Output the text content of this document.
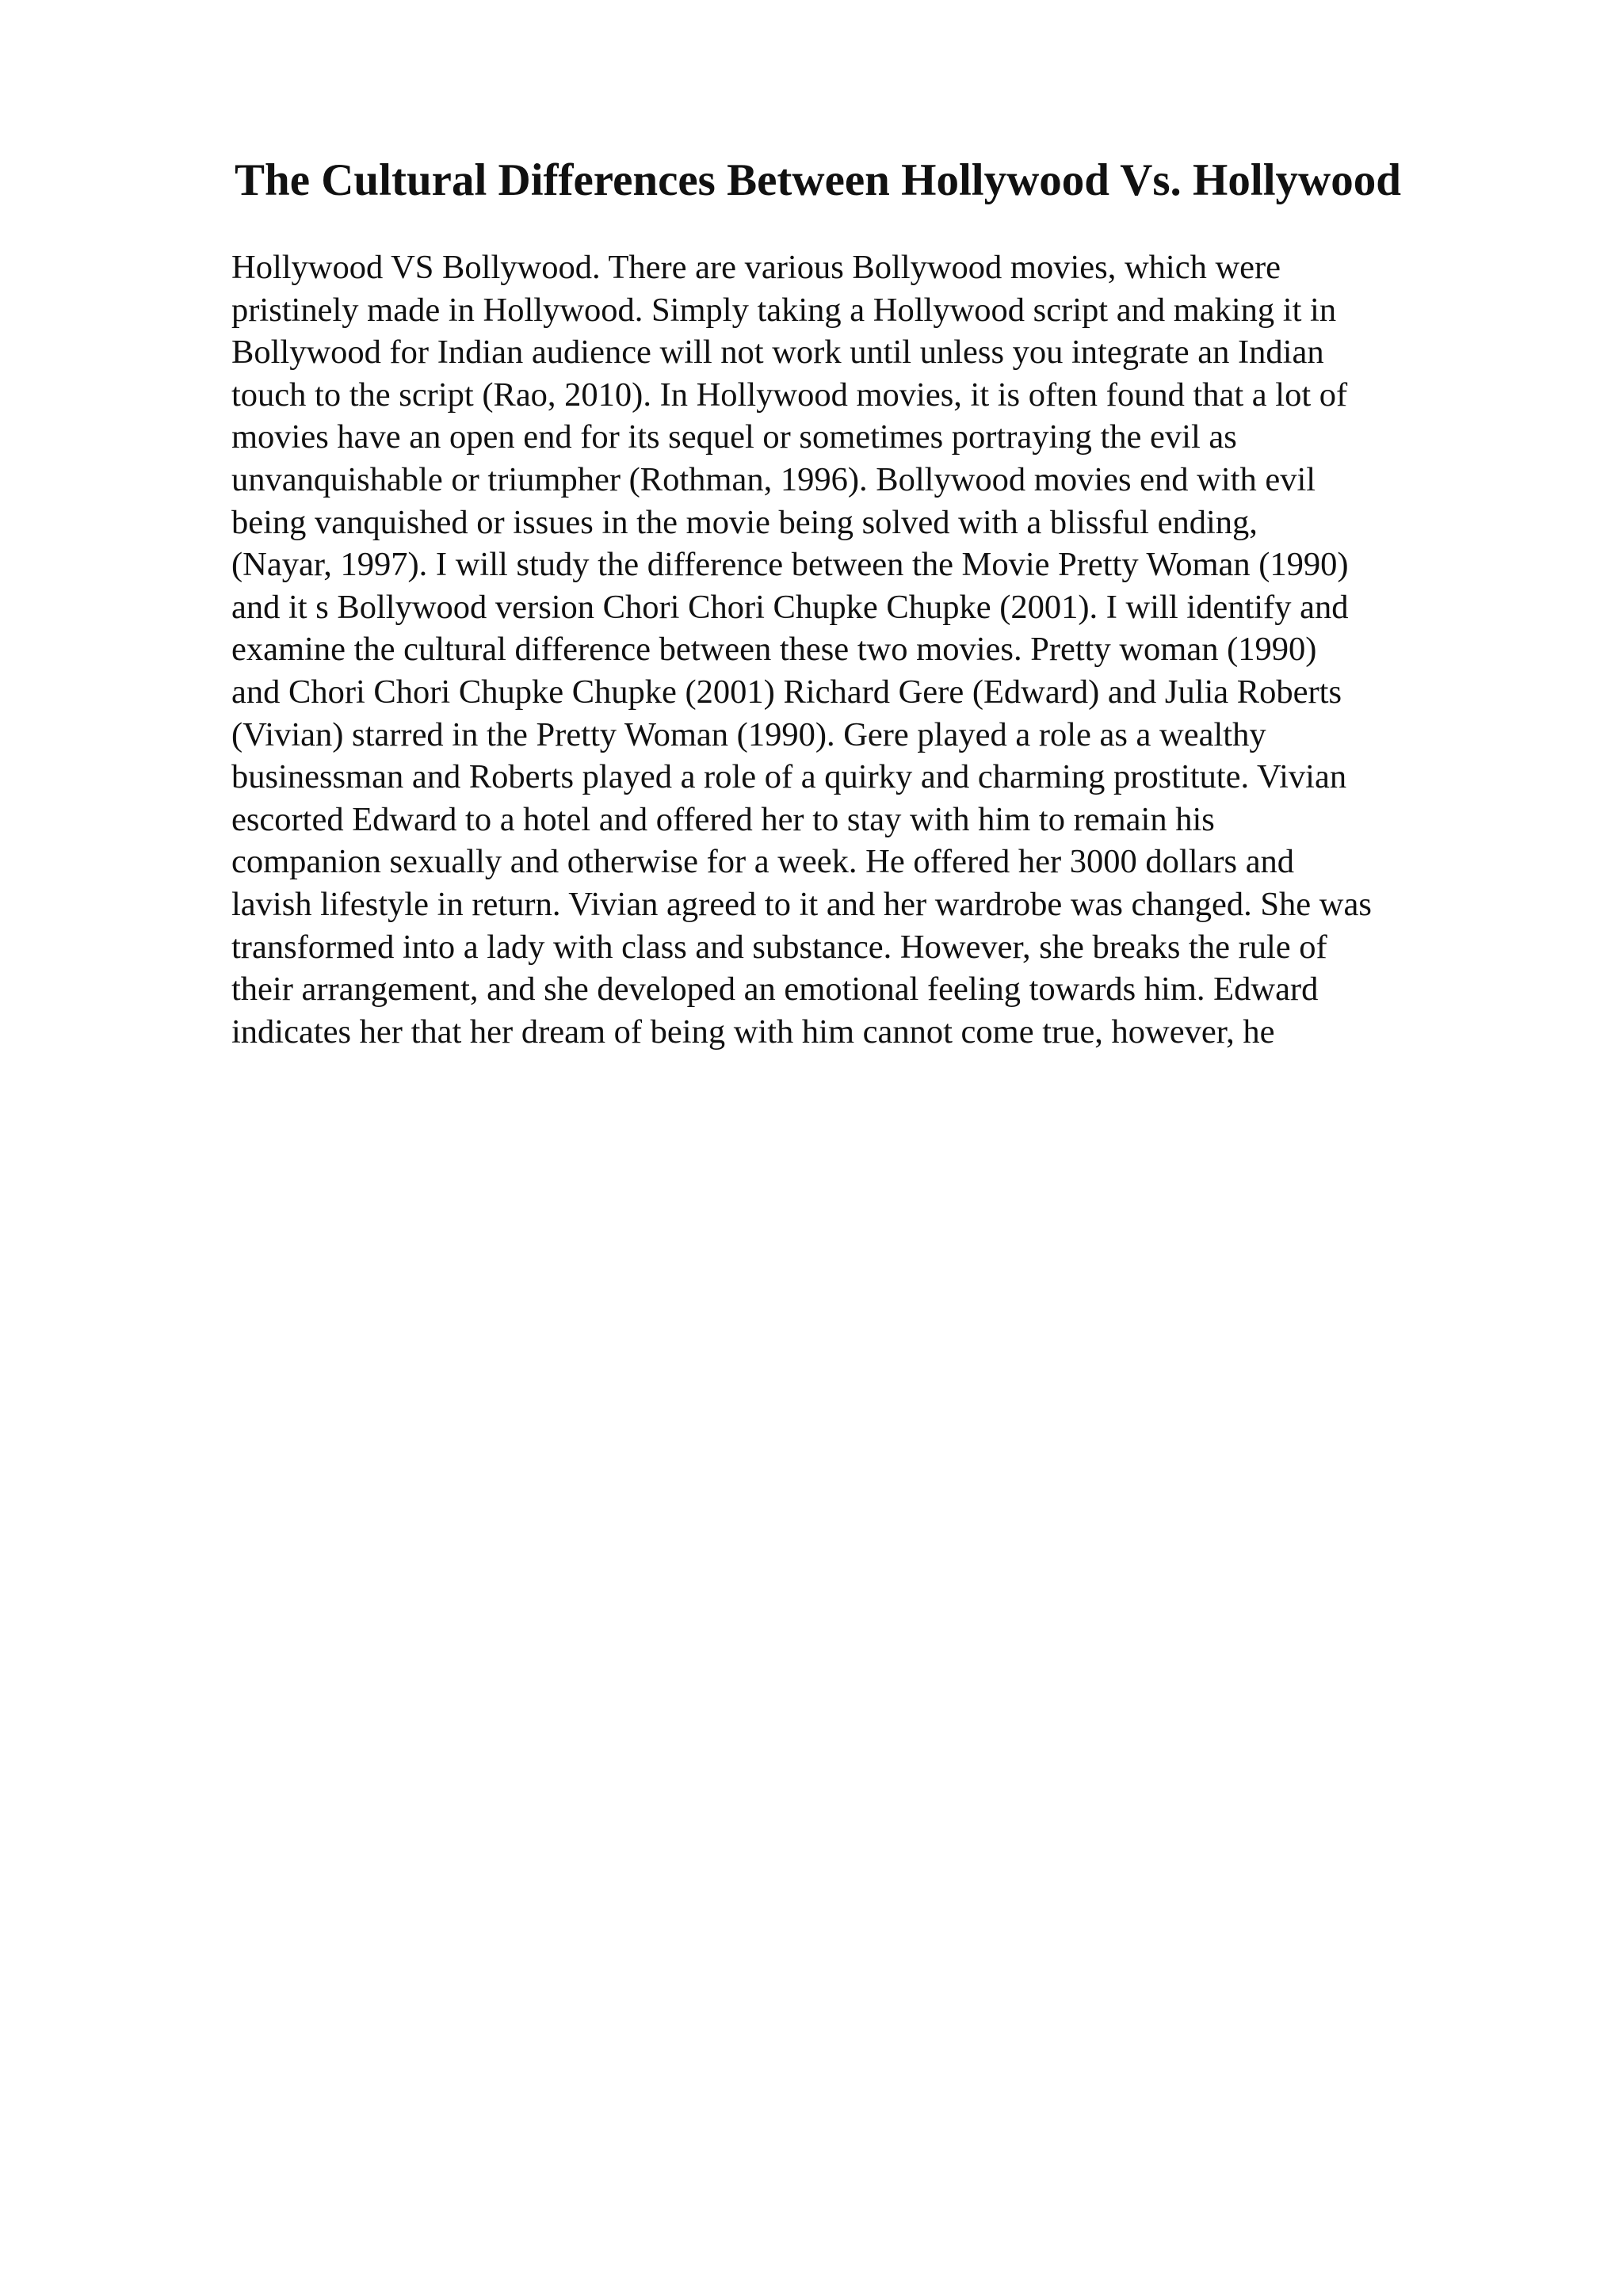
The Cultural Differences Between Hollywood Vs. Hollywood
Hollywood VS Bollywood. There are various Bollywood movies, which were
pristinely made in Hollywood. Simply taking a Hollywood script and making it in
Bollywood for Indian audience will not work until unless you integrate an Indian
touch to the script (Rao, 2010). In Hollywood movies, it is often found that a lot of
movies have an open end for its sequel or sometimes portraying the evil as
unvanquishable or triumpher (Rothman, 1996). Bollywood movies end with evil
being vanquished or issues in the movie being solved with a blissful ending,
(Nayar, 1997). I will study the difference between the Movie Pretty Woman (1990)
and it s Bollywood version Chori Chori Chupke Chupke (2001). I will identify and
examine the cultural difference between these two movies. Pretty woman (1990)
and Chori Chori Chupke Chupke (2001) Richard Gere (Edward) and Julia Roberts
(Vivian) starred in the Pretty Woman (1990). Gere played a role as a wealthy
businessman and Roberts played a role of a quirky and charming prostitute. Vivian
escorted Edward to a hotel and offered her to stay with him to remain his
companion sexually and otherwise for a week. He offered her 3000 dollars and
lavish lifestyle in return. Vivian agreed to it and her wardrobe was changed. She was
transformed into a lady with class and substance. However, she breaks the rule of
their arrangement, and she developed an emotional feeling towards him. Edward
indicates her that her dream of being with him cannot come true, however, he
